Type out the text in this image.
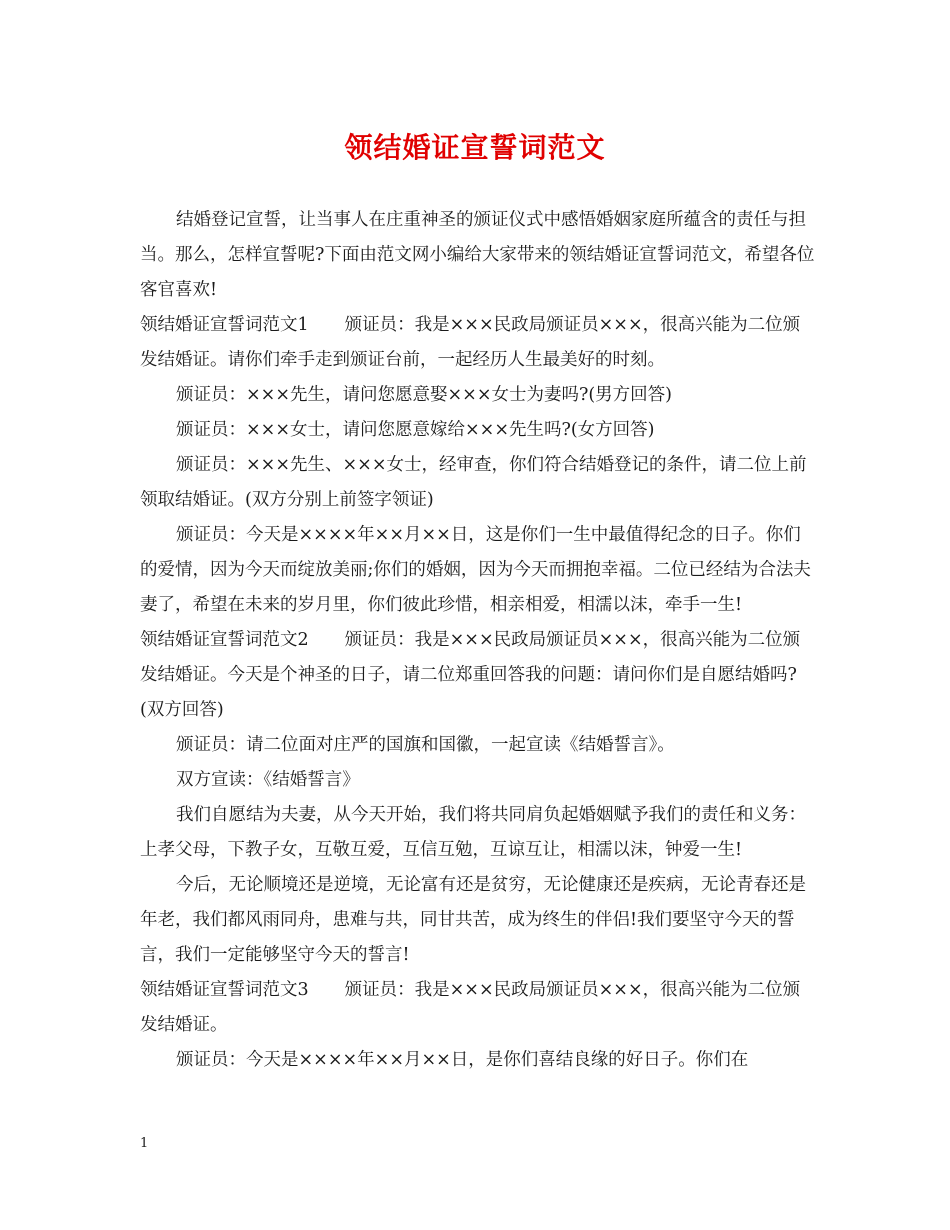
领结婚证宣誓词范文

结婚登记宣誓，让当事人在庄重神圣的颁证仪式中感悟婚姻家庭所蕴含的责任与担当。那么，怎样宣誓呢?下面由范文网小编给大家带来的领结婚证宣誓词范文，希望各位客官喜欢!

领结婚证宣誓词范文1 颁证员：我是×××民政局颁证员×××，很高兴能为二位颁发结婚证。请你们牵手走到颁证台前，一起经历人生最美好的时刻。

颁证员：×××先生，请问您愿意娶×××女士为妻吗?(男方回答)

颁证员：×××女士，请问您愿意嫁给×××先生吗?(女方回答)

颁证员：×××先生、×××女士，经审查，你们符合结婚登记的条件，请二位上前领取结婚证。(双方分别上前签字领证)

颁证员：今天是××××年××月××日，这是你们一生中最值得纪念的日子。你们的爱情，因为今天而绽放美丽;你们的婚姻，因为今天而拥抱幸福。二位已经结为合法夫妻了，希望在未来的岁月里，你们彼此珍惜，相亲相爱，相濡以沫，牵手一生!

领结婚证宣誓词范文2 颁证员：我是×××民政局颁证员×××，很高兴能为二位颁发结婚证。今天是个神圣的日子，请二位郑重回答我的问题：请问你们是自愿结婚吗?(双方回答)

颁证员：请二位面对庄严的国旗和国徽，一起宣读《结婚誓言》。

双方宣读：《结婚誓言》

我们自愿结为夫妻，从今天开始，我们将共同肩负起婚姻赋予我们的责任和义务：上孝父母，下教子女，互敬互爱，互信互勉，互谅互让，相濡以沫，钟爱一生!

今后，无论顺境还是逆境，无论富有还是贫穷，无论健康还是疾病，无论青春还是年老，我们都风雨同舟，患难与共，同甘共苦，成为终生的伴侣!我们要坚守今天的誓言，我们一定能够坚守今天的誓言!

领结婚证宣誓词范文3 颁证员：我是×××民政局颁证员×××，很高兴能为二位颁发结婚证。

颁证员：今天是××××年××月××日，是你们喜结良缘的好日子。你们在

1
